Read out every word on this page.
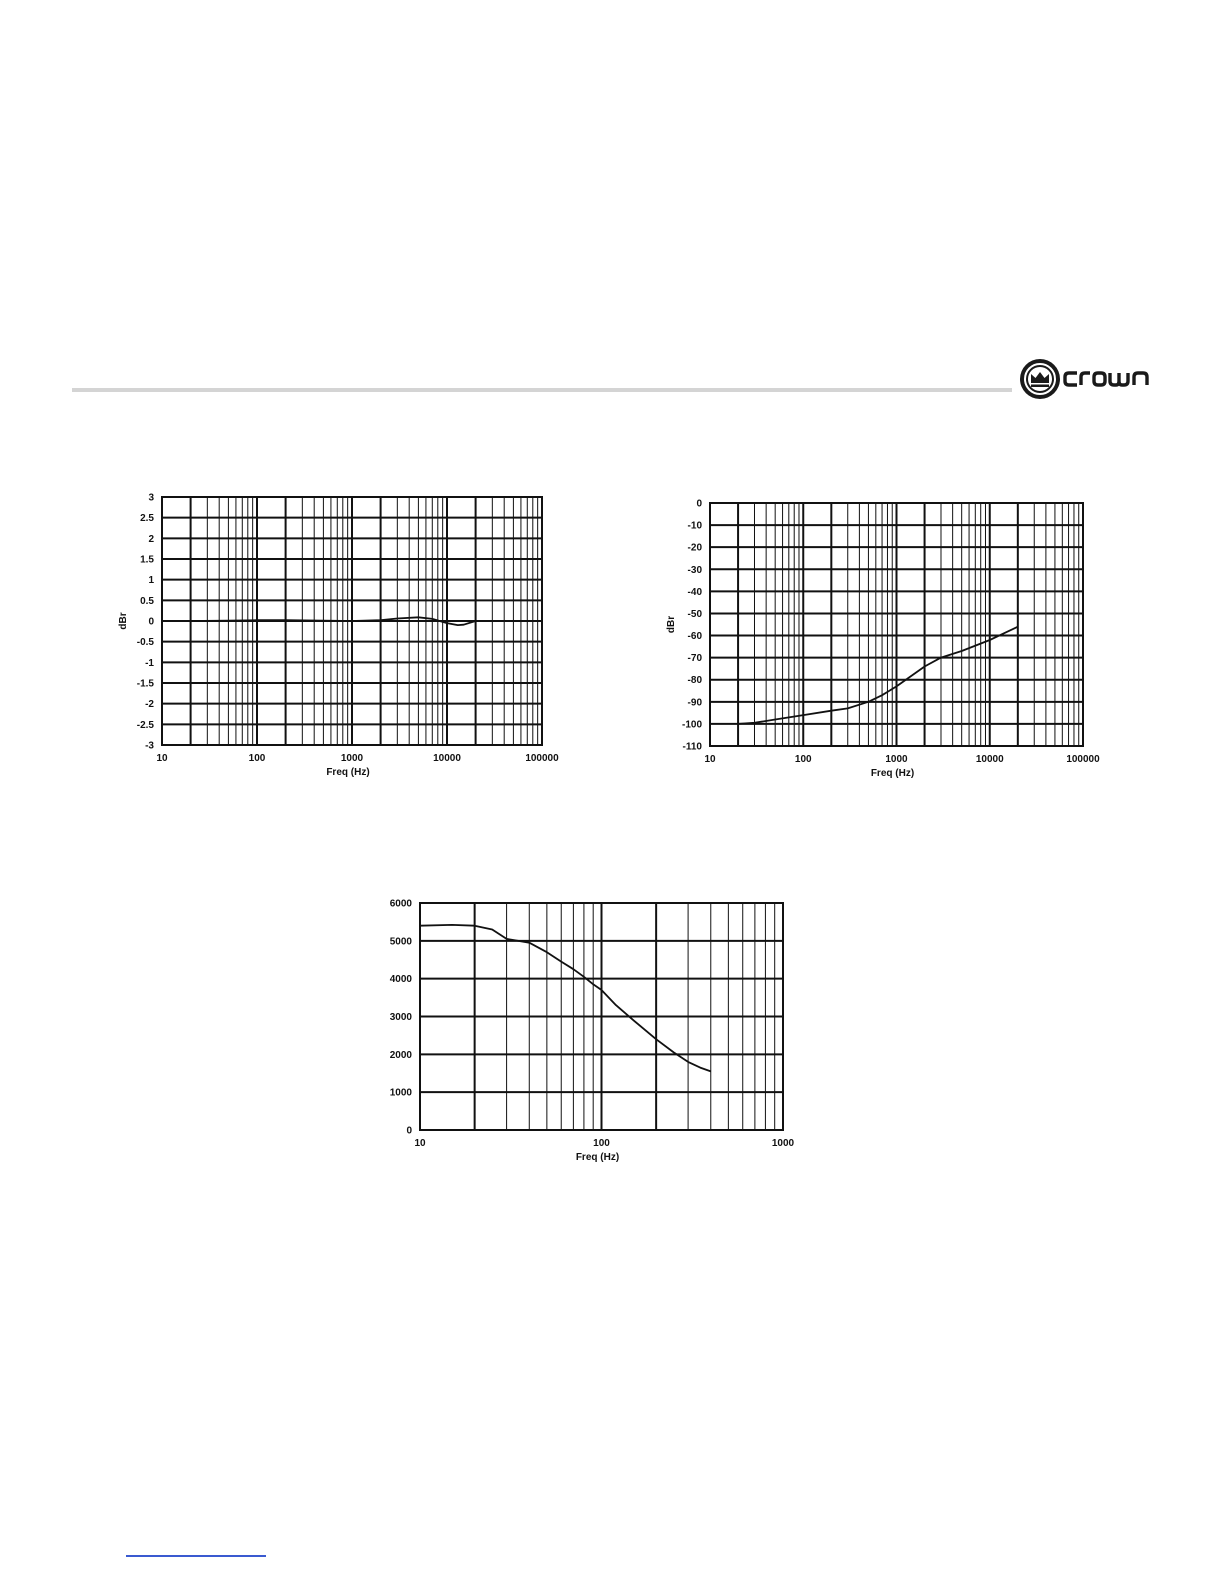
3
2.5
2
1.5
1
0.5
0
-0.5
-1
-1.5
-2
-2.5
-3
10	100	1000	10000	100000
Freq (Hz)
dBr
0
-10
-20
-30
-40
-50
-60
-70
-80
-90
-100
-110
10	100	1000	10000	100000
Freq (Hz)
dBr
6000
5000
4000
3000
2000
1000
0
10	100	1000
Freq (Hz)
